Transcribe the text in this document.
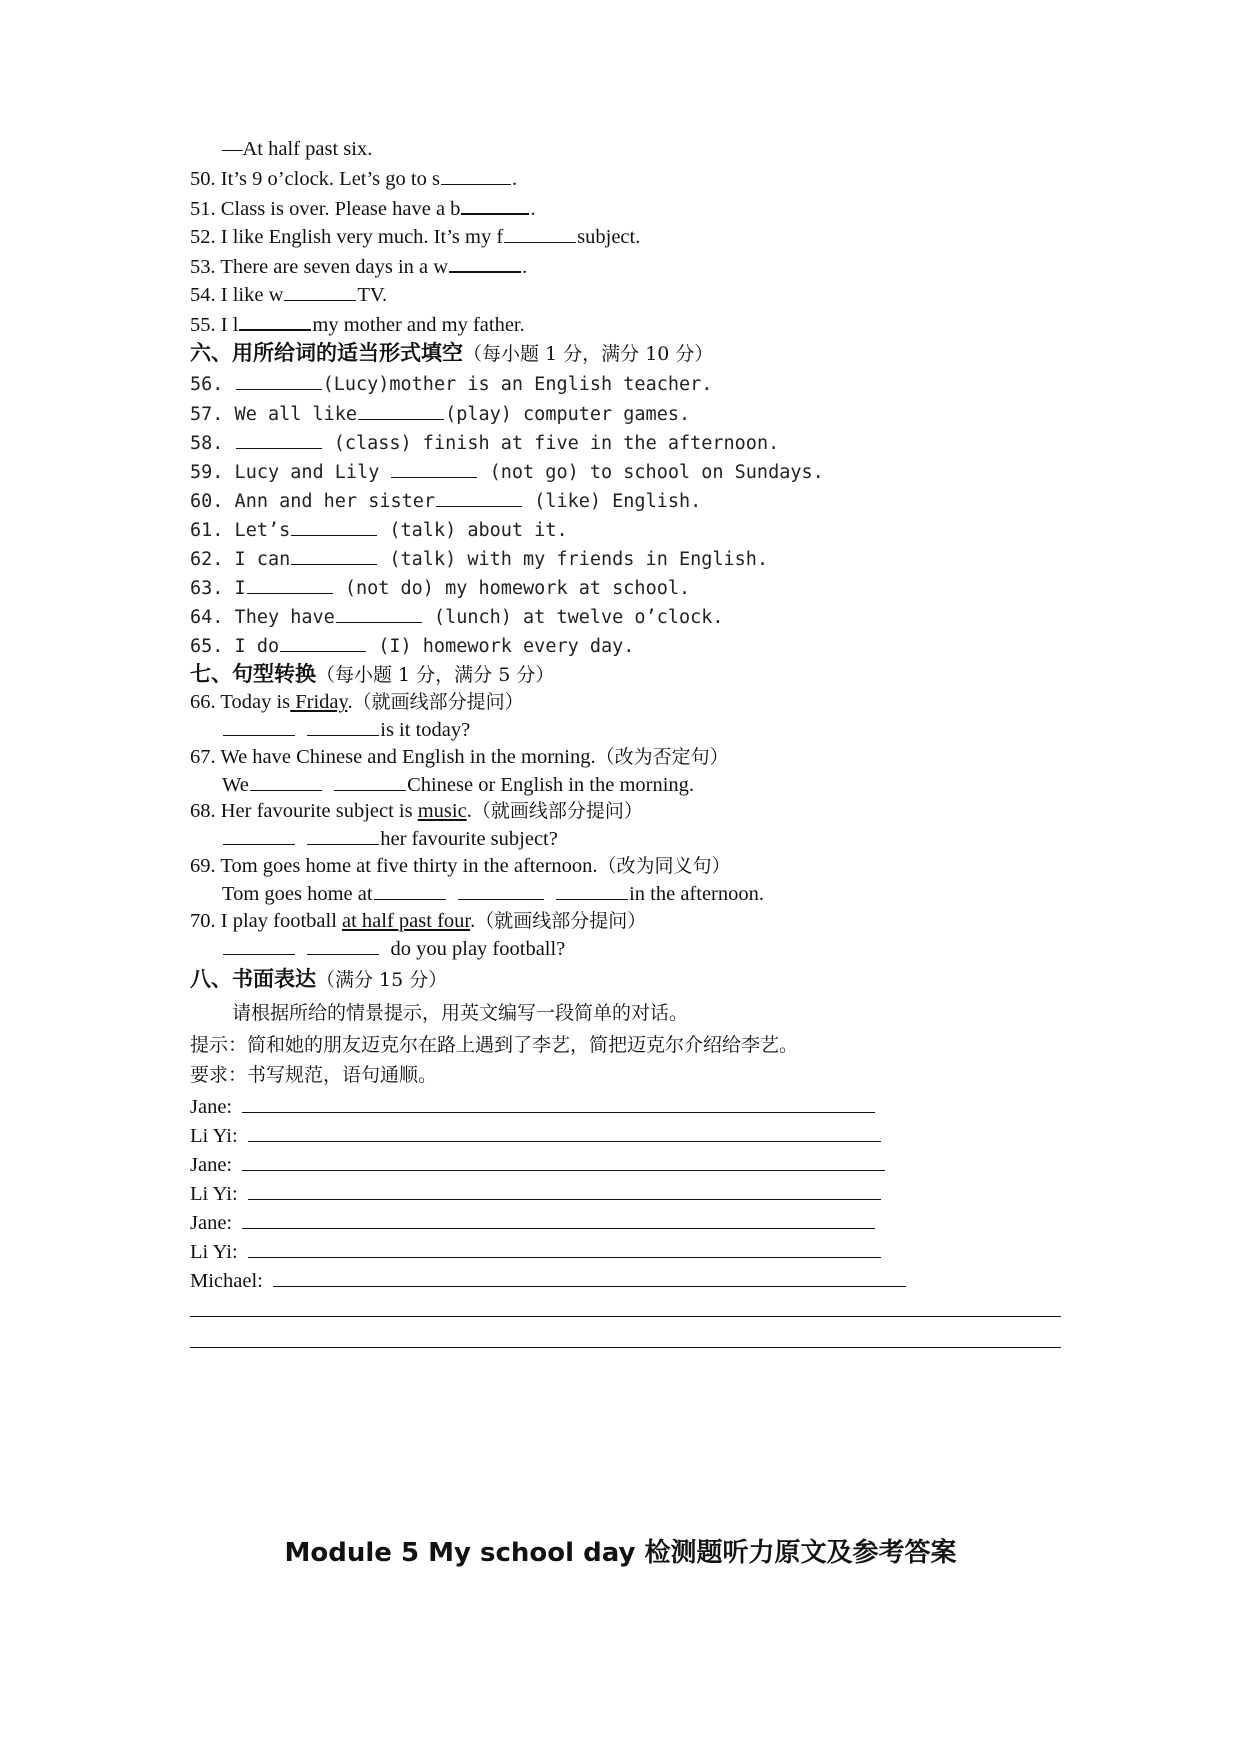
—At half past six.
50. It’s 9 o’clock. Let’s go to s	.
51. Class is over. Please have a b	.
52. I like English very much. It’s my f	subject.
53. There are seven days in a w	.
54. I like w	TV.
55. I l	my mother and my father.
六、用所给词的适当形式填空（每小题 1 分，满分 10 分）
56.	(Lucy)mother is an English teacher.
57. We all like	(play) computer games.
58.	(class) finish at five in the afternoon.
59. Lucy and Lily	(not go) to school on Sundays.
60. Ann and her sister	(like) English.
61. Let’s	(talk) about it.
62. I can	(talk) with my friends in English.
63. I	(not do) my homework at school.
64. They have	(lunch) at twelve o’clock.
65. I do	(I) homework every day.
七、句型转换（每小题 1 分，满分 5 分）
66. Today is Friday.（就画线部分提问）
is it today?
67. We have Chinese and English in the morning.（改为否定句）
We	Chinese or English in the morning.
68. Her favourite subject is music.（就画线部分提问）
her favourite subject?
69. Tom goes home at five thirty in the afternoon.（改为同义句）
Tom goes home at	in the afternoon.
70. I play football at half past four.（就画线部分提问）
do you play football?
八、书面表达（满分 15 分）
请根据所给的情景提示，用英文编写一段简单的对话。
提示：简和她的朋友迈克尔在路上遇到了李艺，简把迈克尔介绍给李艺。
要求：书写规范，语句通顺。
Jane:
Li Yi:
Jane:
Li Yi:
Jane:
Li Yi:
Michael:
Module 5 My school day 检测题听力原文及参考答案
